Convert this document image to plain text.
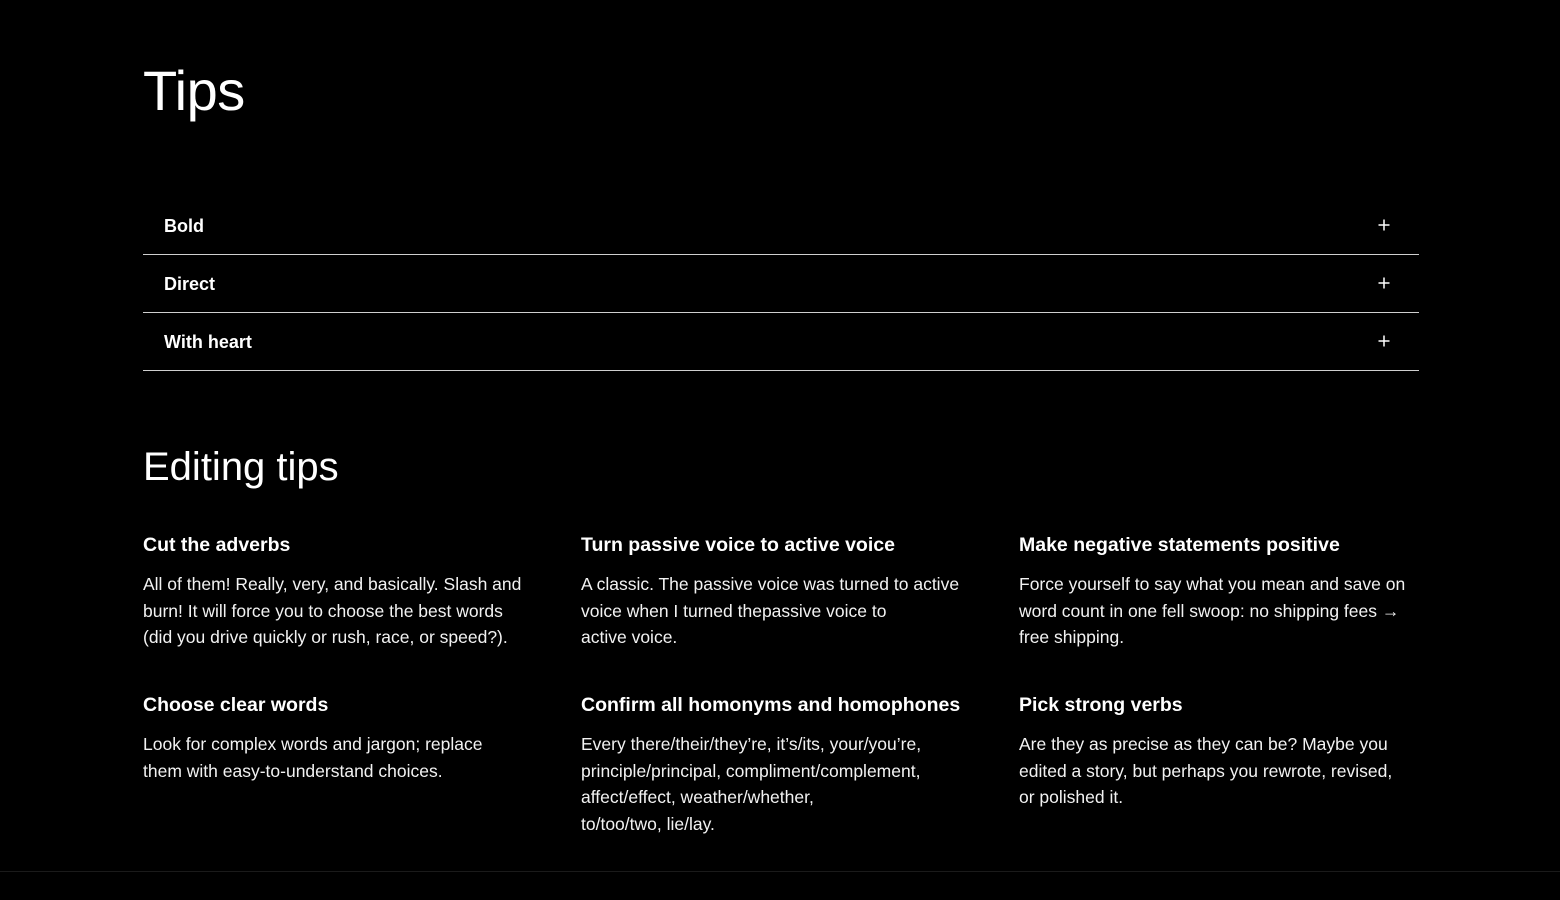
Tips
Bold
Direct
With heart
Editing tips
Cut the adverbs

All of them! Really, very, and basically. Slash and
burn! It will force you to choose the best words
(did you drive quickly or rush, race, or speed?).

Turn passive voice to active voice

A classic. The passive voice was turned to active
voice when I turned thepassive voice to
active voice.

Make negative statements positive

Force yourself to say what you mean and save on
word count in one fell swoop: no shipping fees →
free shipping.

Choose clear words

Look for complex words and jargon; replace
them with easy-to-understand choices.

Confirm all homonyms and homophones

Every there/their/they’re, it’s/its, your/you’re,
principle/principal, compliment/complement,
affect/effect, weather/whether,
to/too/two, lie/lay.

Pick strong verbs

Are they as precise as they can be? Maybe you
edited a story, but perhaps you rewrote, revised,
or polished it.
